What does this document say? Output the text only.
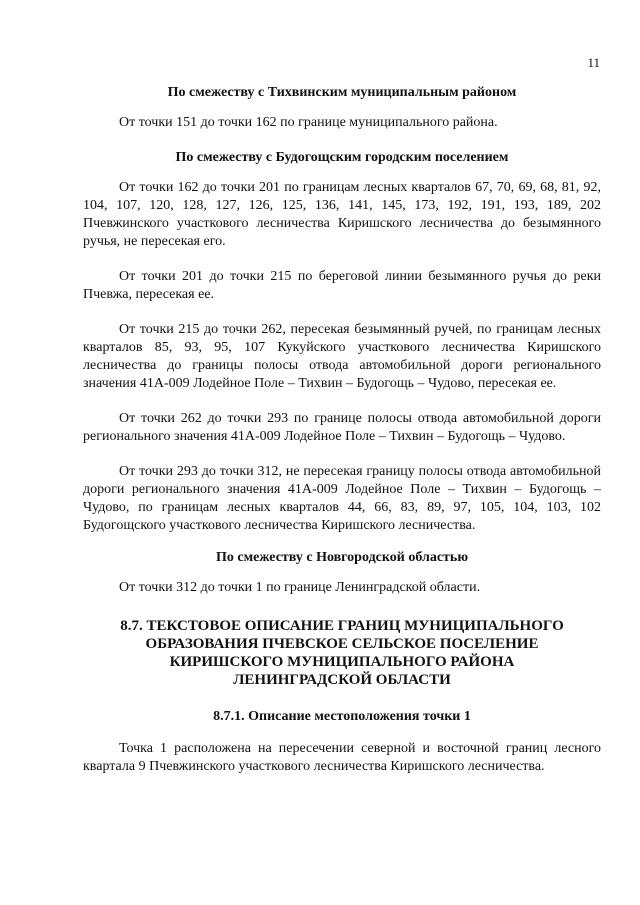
11

По смежеству с Тихвинским муниципальным районом

От точки 151 до точки 162 по границе муниципального района.

По смежеству с Будогощским городским поселением

От точки 162 до точки 201 по границам лесных кварталов 67, 70, 69, 68, 81, 92, 104, 107, 120, 128, 127, 126, 125, 136, 141, 145, 173, 192, 191, 193, 189, 202 Пчевжинского участкового лесничества Киришского лесничества до безымянного ручья, не пересекая его.

От точки 201 до точки 215 по береговой линии безымянного ручья до реки Пчевжа, пересекая ее.

От точки 215 до точки 262, пересекая безымянный ручей, по границам лесных кварталов 85, 93, 95, 107 Кукуйского участкового лесничества Киришского лесничества до границы полосы отвода автомобильной дороги регионального значения 41А-009 Лодейное Поле – Тихвин – Будогощь – Чудово, пересекая ее.

От точки 262 до точки 293 по границе полосы отвода автомобильной дороги регионального значения 41А-009 Лодейное Поле – Тихвин – Будогощь – Чудово.

От точки 293 до точки 312, не пересекая границу полосы отвода автомобильной дороги регионального значения 41А-009 Лодейное Поле – Тихвин – Будогощь – Чудово, по границам лесных кварталов 44, 66, 83, 89, 97, 105, 104, 103, 102 Будогощского участкового лесничества Киришского лесничества.

По смежеству с Новгородской областью

От точки 312 до точки 1 по границе Ленинградской области.

8.7. ТЕКСТОВОЕ ОПИСАНИЕ ГРАНИЦ МУНИЦИПАЛЬНОГО
ОБРАЗОВАНИЯ ПЧЕВСКОЕ СЕЛЬСКОЕ ПОСЕЛЕНИЕ
КИРИШСКОГО МУНИЦИПАЛЬНОГО РАЙОНА
ЛЕНИНГРАДСКОЙ ОБЛАСТИ

8.7.1. Описание местоположения точки 1

Точка 1 расположена на пересечении северной и восточной границ лесного квартала 9 Пчевжинского участкового лесничества Киришского лесничества.
